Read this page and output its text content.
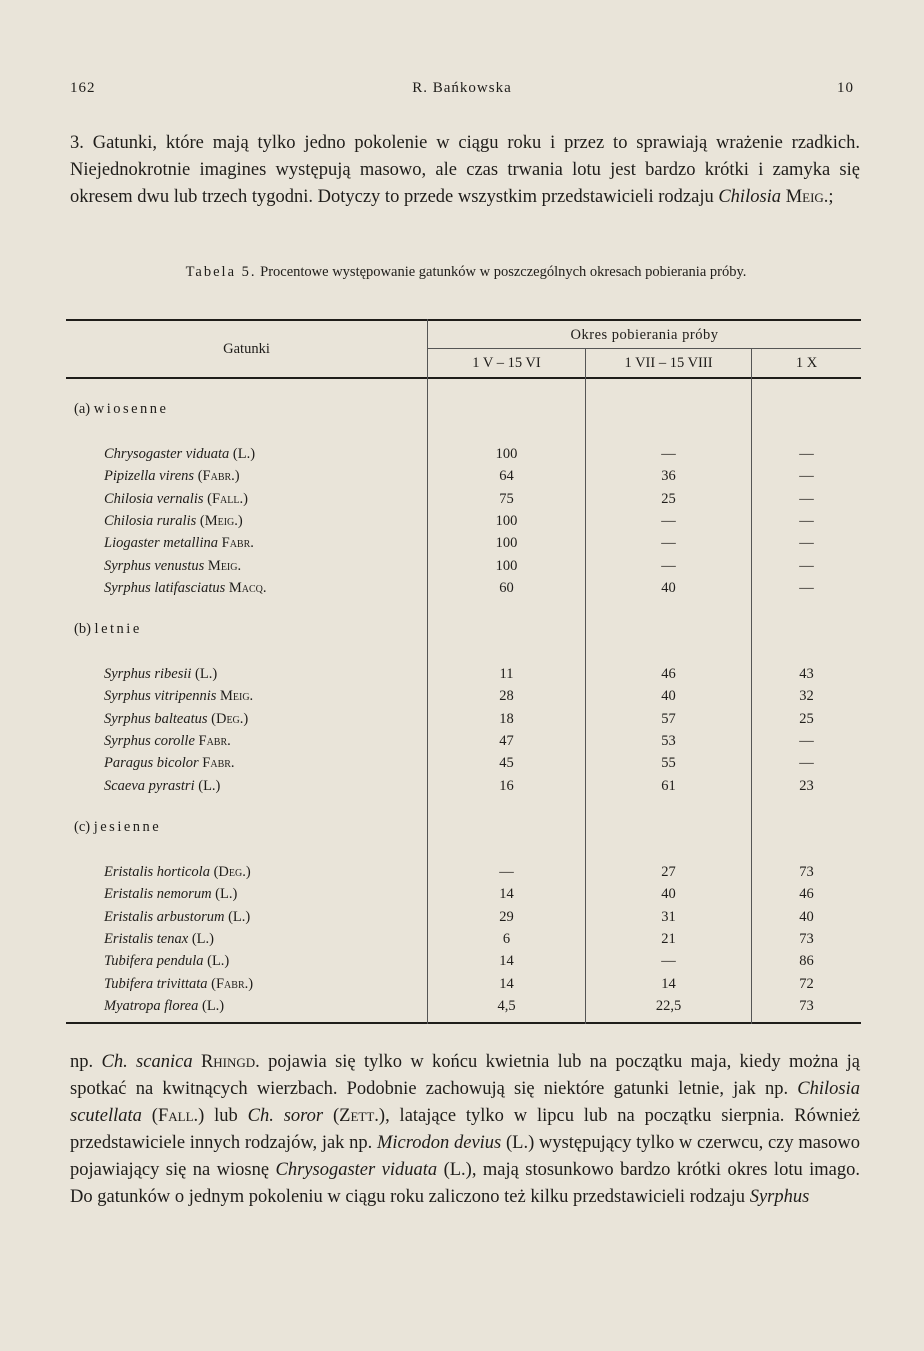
162	R. Bańkowska	10
3. Gatunki, które mają tylko jedno pokolenie w ciągu roku i przez to sprawiają wrażenie rzadkich. Niejednokrotnie imagines występują masowo, ale czas trwania lotu jest bardzo krótki i zamyka się okresem dwu lub trzech tygodni. Dotyczy to przede wszystkim przedstawicieli rodzaju Chilosia Meig.;
Tabela 5. Procentowe występowanie gatunków w poszczególnych okresach pobierania próby.
Gatunki
Okres pobierania próby
1 V – 15 VI	1 VII – 15 VIII	1 X
(a) wiosenne
Chrysogaster viduata (L.)	100	—	—
Pipizella virens (Fabr.)	64	36	—
Chilosia vernalis (Fall.)	75	25	—
Chilosia ruralis (Meig.)	100	—	—
Liogaster metallina Fabr.	100	—	—
Syrphus venustus Meig.	100	—	—
Syrphus latifasciatus Macq.	60	40	—
(b) letnie
Syrphus ribesii (L.)	11	46	43
Syrphus vitripennis Meig.	28	40	32
Syrphus balteatus (Deg.)	18	57	25
Syrphus corolle Fabr.	47	53	—
Paragus bicolor Fabr.	45	55	—
Scaeva pyrastri (L.)	16	61	23
(c) jesienne
Eristalis horticola (Deg.)	—	27	73
Eristalis nemorum (L.)	14	40	46
Eristalis arbustorum (L.)	29	31	40
Eristalis tenax (L.)	6	21	73
Tubifera pendula (L.)	14	—	86
Tubifera trivittata (Fabr.)	14	14	72
Myatropa florea (L.)	4,5	22,5	73
np. Ch. scanica Rhingd. pojawia się tylko w końcu kwietnia lub na początku maja, kiedy można ją spotkać na kwitnących wierzbach. Podobnie zachowują się niektóre gatunki letnie, jak np. Chilosia scutellata (Fall.) lub Ch. soror (Zett.), latające tylko w lipcu lub na początku sierpnia. Również przedstawiciele innych rodzajów, jak np. Microdon devius (L.) występujący tylko w czerwcu, czy masowo pojawiający się na wiosnę Chrysogaster viduata (L.), mają stosunkowo bardzo krótki okres lotu imago. Do gatunków o jednym pokoleniu w ciągu roku zaliczono też kilku przedstawicieli rodzaju Syrphus
